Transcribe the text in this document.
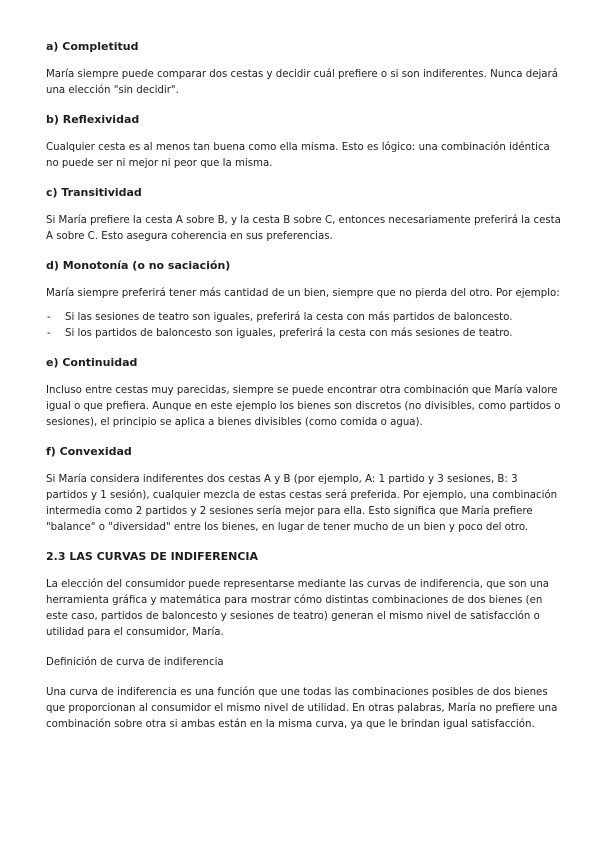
a) Completitud

María siempre puede comparar dos cestas y decidir cuál prefiere o si son indiferentes. Nunca dejará una elección "sin decidir".

b) Reflexividad

Cualquier cesta es al menos tan buena como ella misma. Esto es lógico: una combinación idéntica no puede ser ni mejor ni peor que la misma.

c) Transitividad

Si María prefiere la cesta A sobre B, y la cesta B sobre C, entonces necesariamente preferirá la cesta A sobre C. Esto asegura coherencia en sus preferencias.

d) Monotonía (o no saciación)

María siempre preferirá tener más cantidad de un bien, siempre que no pierda del otro. Por ejemplo:

- Si las sesiones de teatro son iguales, preferirá la cesta con más partidos de baloncesto.
- Si los partidos de baloncesto son iguales, preferirá la cesta con más sesiones de teatro.
e) Continuidad

Incluso entre cestas muy parecidas, siempre se puede encontrar otra combinación que María valore igual o que prefiera. Aunque en este ejemplo los bienes son discretos (no divisibles, como partidos o sesiones), el principio se aplica a bienes divisibles (como comida o agua).

f) Convexidad

Si María considera indiferentes dos cestas A y B (por ejemplo, A: 1 partido y 3 sesiones, B: 3 partidos y 1 sesión), cualquier mezcla de estas cestas será preferida. Por ejemplo, una combinación intermedia como 2 partidos y 2 sesiones sería mejor para ella. Esto significa que María prefiere "balance" o "diversidad" entre los bienes, en lugar de tener mucho de un bien y poco del otro.

2.3 LAS CURVAS DE INDIFERENCIA

La elección del consumidor puede representarse mediante las curvas de indiferencia, que son una herramienta gráfica y matemática para mostrar cómo distintas combinaciones de dos bienes (en este caso, partidos de baloncesto y sesiones de teatro) generan el mismo nivel de satisfacción o utilidad para el consumidor, María.

Definición de curva de indiferencia

Una curva de indiferencia es una función que une todas las combinaciones posibles de dos bienes que proporcionan al consumidor el mismo nivel de utilidad. En otras palabras, María no prefiere una combinación sobre otra si ambas están en la misma curva, ya que le brindan igual satisfacción.
